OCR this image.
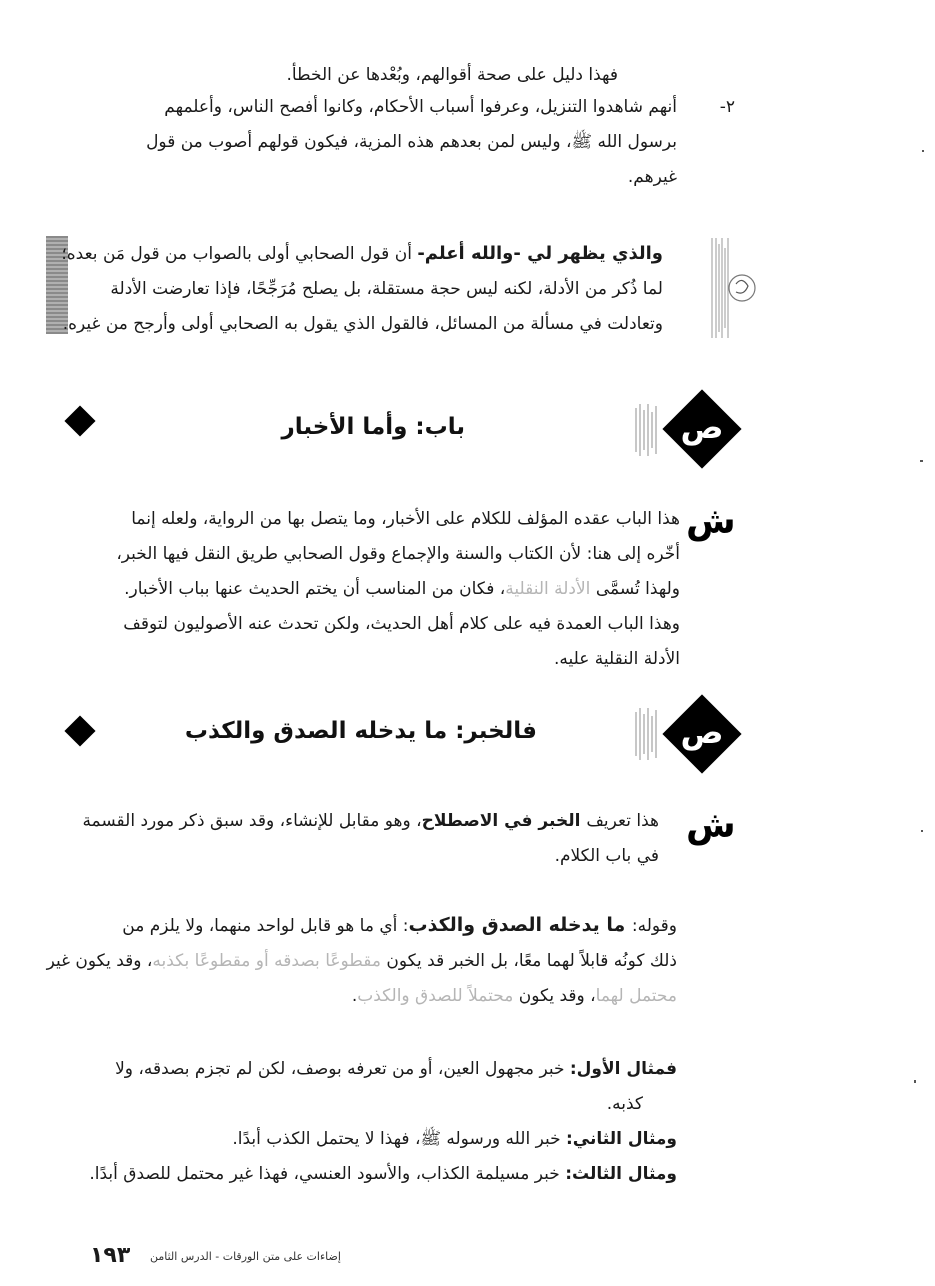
فهذا دليل على صحة أقوالهم، وبُعْدها عن الخطأ.
٢-
أنهم شاهدوا التنزيل، وعرفوا أسباب الأحكام، وكانوا أفصح الناس، وأعلمهم
برسول الله ﷺ، وليس لمن بعدهم هذه المزية، فيكون قولهم أصوب من قول
غيرهم.
والذي يظهر لي -والله أعلم- أن قول الصحابي أولى بالصواب من قول مَن بعده؛
لما ذُكر من الأدلة، لكنه ليس حجة مستقلة، بل يصلح مُرَجِّحًا، فإذا تعارضت الأدلة
وتعادلت في مسألة من المسائل، فالقول الذي يقول به الصحابي أولى وأرجح من غيره.
باب: وأما الأخبار	ص
ش
هذا الباب عقده المؤلف للكلام على الأخبار، وما يتصل بها من الرواية، ولعله إنما
أخّره إلى هنا: لأن الكتاب والسنة والإجماع وقول الصحابي طريق النقل فيها الخبر،
ولهذا تُسمَّى الأدلة النقلية، فكان من المناسب أن يختم الحديث عنها بباب الأخبار.
وهذا الباب العمدة فيه على كلام أهل الحديث، ولكن تحدث عنه الأصوليون لتوقف
الأدلة النقلية عليه.
فالخبر: ما يدخله الصدق والكذب	ص
ش
هذا تعريف الخبر في الاصطلاح، وهو مقابل للإنشاء، وقد سبق ذكر مورد القسمة
في باب الكلام.
وقوله: ما يدخله الصدق والكذب: أي ما هو قابل لواحد منهما، ولا يلزم من
ذلك كونُه قابلاً لهما معًا، بل الخبر قد يكون مقطوعًا بصدقه أو مقطوعًا بكذبه، وقد يكون غير
محتمل لهما، وقد يكون محتملاً للصدق والكذب.
فمثال الأول: خبر مجهول العين، أو من تعرفه بوصف، لكن لم تجزم بصدقه، ولا
كذبه.
ومثال الثاني: خبر الله ورسوله ﷺ، فهذا لا يحتمل الكذب أبدًا.
ومثال الثالث: خبر مسيلمة الكذاب، والأسود العنسي، فهذا غير محتمل للصدق أبدًا.
١٩٣ إضاءات على متن الورقات - الدرس الثامن
